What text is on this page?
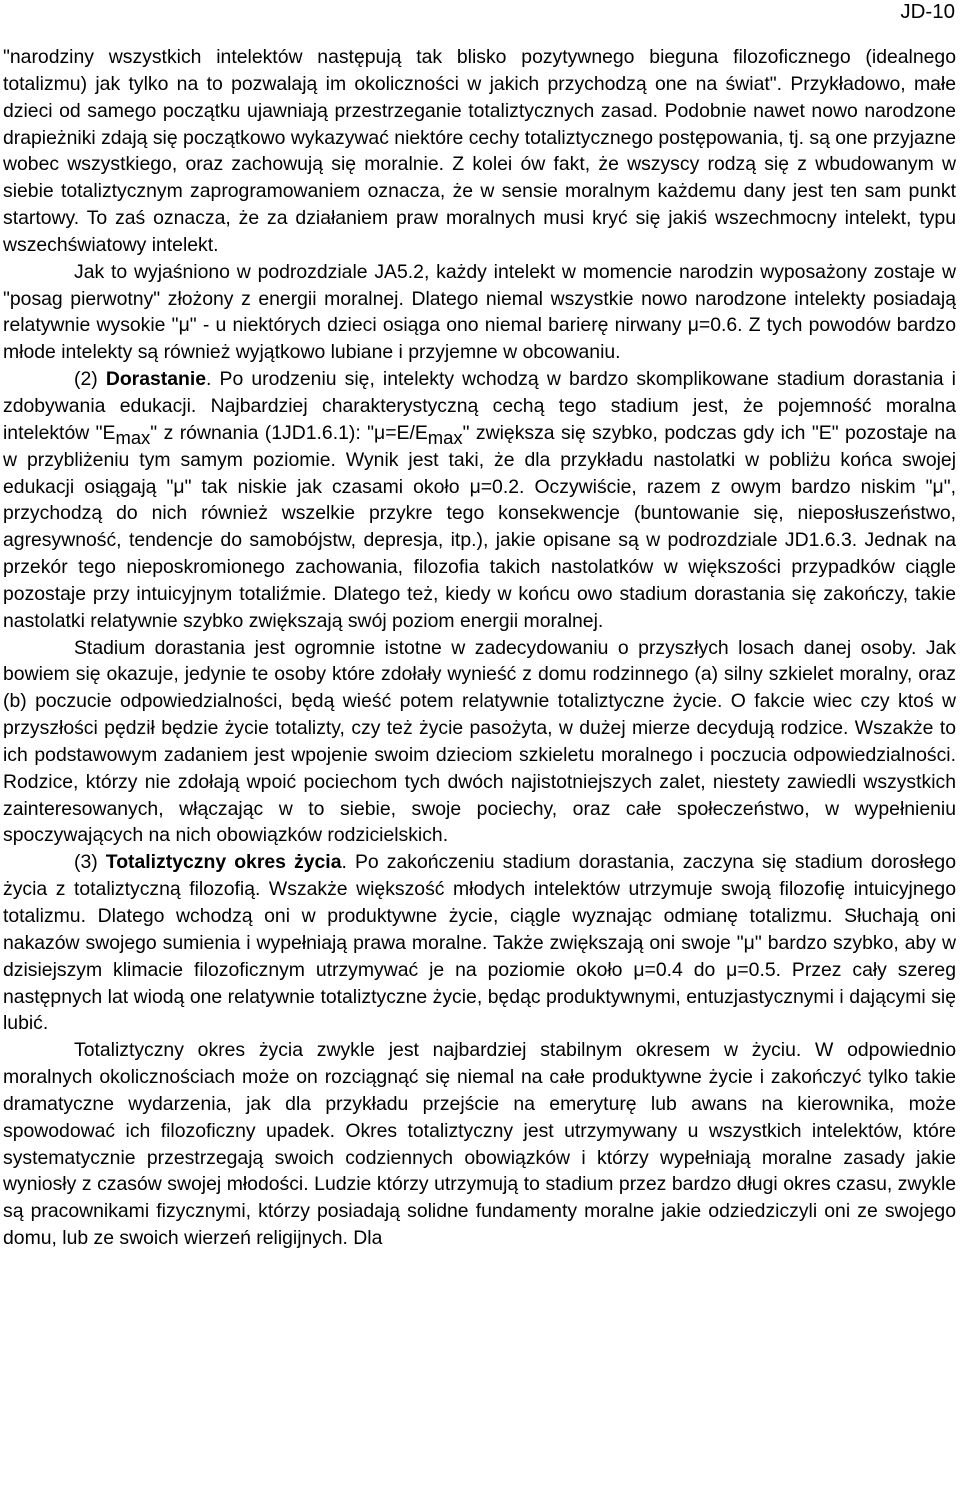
JD-10

"narodziny wszystkich intelektów następują tak blisko pozytywnego bieguna filozoficznego (idealnego totalizmu) jak tylko na to pozwalają im okoliczności w jakich przychodzą one na świat". Przykładowo, małe dzieci od samego początku ujawniają przestrzeganie totaliztycznych zasad. Podobnie nawet nowo narodzone drapieżniki zdają się początkowo wykazywać niektóre cechy totaliztycznego postępowania, tj. są one przyjazne wobec wszystkiego, oraz zachowują się moralnie. Z kolei ów fakt, że wszyscy rodzą się z wbudowanym w siebie totaliztycznym zaprogramowaniem oznacza, że w sensie moralnym każdemu dany jest ten sam punkt startowy. To zaś oznacza, że za działaniem praw moralnych musi kryć się jakiś wszechmocny intelekt, typu wszechświatowy intelekt.

Jak to wyjaśniono w podrozdziale JA5.2, każdy intelekt w momencie narodzin wyposażony zostaje w "posag pierwotny" złożony z energii moralnej. Dlatego niemal wszystkie nowo narodzone intelekty posiadają relatywnie wysokie "μ" - u niektórych dzieci osiąga ono niemal barierę nirwany μ=0.6. Z tych powodów bardzo młode intelekty są również wyjątkowo lubiane i przyjemne w obcowaniu.

(2) Dorastanie. Po urodzeniu się, intelekty wchodzą w bardzo skomplikowane stadium dorastania i zdobywania edukacji. Najbardziej charakterystyczną cechą tego stadium jest, że pojemność moralna intelektów "Emax" z równania (1JD1.6.1): "μ=E/Emax" zwiększa się szybko, podczas gdy ich "E" pozostaje na w przybliżeniu tym samym poziomie. Wynik jest taki, że dla przykładu nastolatki w pobliżu końca swojej edukacji osiągają "μ" tak niskie jak czasami około μ=0.2. Oczywiście, razem z owym bardzo niskim "μ", przychodzą do nich również wszelkie przykre tego konsekwencje (buntowanie się, nieposłuszeństwo, agresywność, tendencje do samobójstw, depresja, itp.), jakie opisane są w podrozdziale JD1.6.3. Jednak na przekór tego nieposkromionego zachowania, filozofia takich nastolatków w większości przypadków ciągle pozostaje przy intuicyjnym totaliźmie. Dlatego też, kiedy w końcu owo stadium dorastania się zakończy, takie nastolatki relatywnie szybko zwiększają swój poziom energii moralnej.

Stadium dorastania jest ogromnie istotne w zadecydowaniu o przyszłych losach danej osoby. Jak bowiem się okazuje, jedynie te osoby które zdołały wynieść z domu rodzinnego (a) silny szkielet moralny, oraz (b) poczucie odpowiedzialności, będą wieść potem relatywnie totaliztyczne życie. O fakcie wiec czy ktoś w przyszłości pędził będzie życie totalizty, czy też życie pasożyta, w dużej mierze decydują rodzice. Wszakże to ich podstawowym zadaniem jest wpojenie swoim dzieciom szkieletu moralnego i poczucia odpowiedzialności. Rodzice, którzy nie zdołają wpoić pociechom tych dwóch najistotniejszych zalet, niestety zawiedli wszystkich zainteresowanych, włączając w to siebie, swoje pociechy, oraz całe społeczeństwo, w wypełnieniu spoczywających na nich obowiązków rodzicielskich.

(3) Totaliztyczny okres życia. Po zakończeniu stadium dorastania, zaczyna się stadium dorosłego życia z totaliztyczną filozofią. Wszakże większość młodych intelektów utrzymuje swoją filozofię intuicyjnego totalizmu. Dlatego wchodzą oni w produktywne życie, ciągle wyznając odmianę totalizmu. Słuchają oni nakazów swojego sumienia i wypełniają prawa moralne. Także zwiększają oni swoje "μ" bardzo szybko, aby w dzisiejszym klimacie filozoficznym utrzymywać je na poziomie około μ=0.4 do μ=0.5. Przez cały szereg następnych lat wiodą one relatywnie totaliztyczne życie, będąc produktywnymi, entuzjastycznymi i dającymi się lubić.

Totaliztyczny okres życia zwykle jest najbardziej stabilnym okresem w życiu. W odpowiednio moralnych okolicznościach może on rozciągnąć się niemal na całe produktywne życie i zakończyć tylko takie dramatyczne wydarzenia, jak dla przykładu przejście na emeryturę lub awans na kierownika, może spowodować ich filozoficzny upadek. Okres totaliztyczny jest utrzymywany u wszystkich intelektów, które systematycznie przestrzegają swoich codziennych obowiązków i którzy wypełniają moralne zasady jakie wyniosły z czasów swojej młodości. Ludzie którzy utrzymują to stadium przez bardzo długi okres czasu, zwykle są pracownikami fizycznymi, którzy posiadają solidne fundamenty moralne jakie odziedziczyli oni ze swojego domu, lub ze swoich wierzeń religijnych. Dla
